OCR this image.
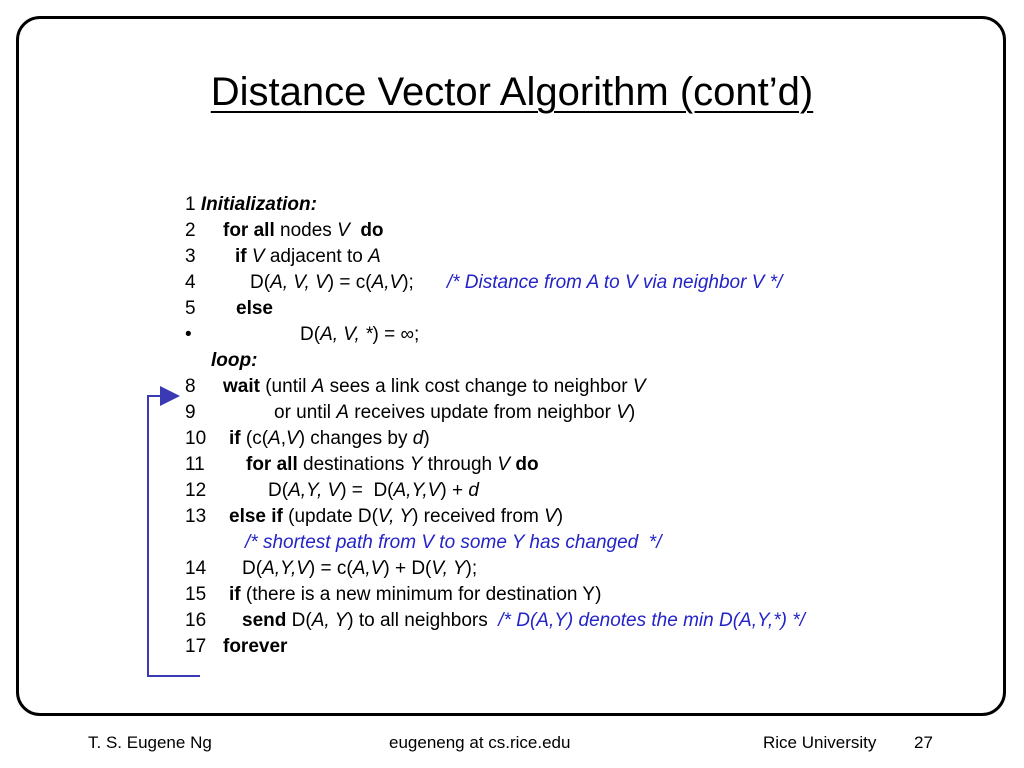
Distance Vector Algorithm (cont’d)
1 Initialization:
2 for all nodes V do
3 if V adjacent to A
4	D(A, V, V) = c(A,V); /* Distance from A to V via neighbor V */
5 else
•	D(A, V, *) = ∞;
loop:
8 wait (until A sees a link cost change to neighbor V
9	or until A receives update from neighbor V)
10 if (c(A,V) changes by d)
11 for all destinations Y through V do
12	D(A,Y, V) =  D(A,Y,V) + d
13 else if (update D(V, Y) received from V)
/* shortest path from V to some Y has changed  */
14 D(A,Y,V) = c(A,V) + D(V, Y);
15 if (there is a new minimum for destination Y)
16 send D(A, Y) to all neighbors  /* D(A,Y) denotes the min D(A,Y,*) */
17 forever
T. S. Eugene Ng	eugeneng at cs.rice.edu	Rice University 27
